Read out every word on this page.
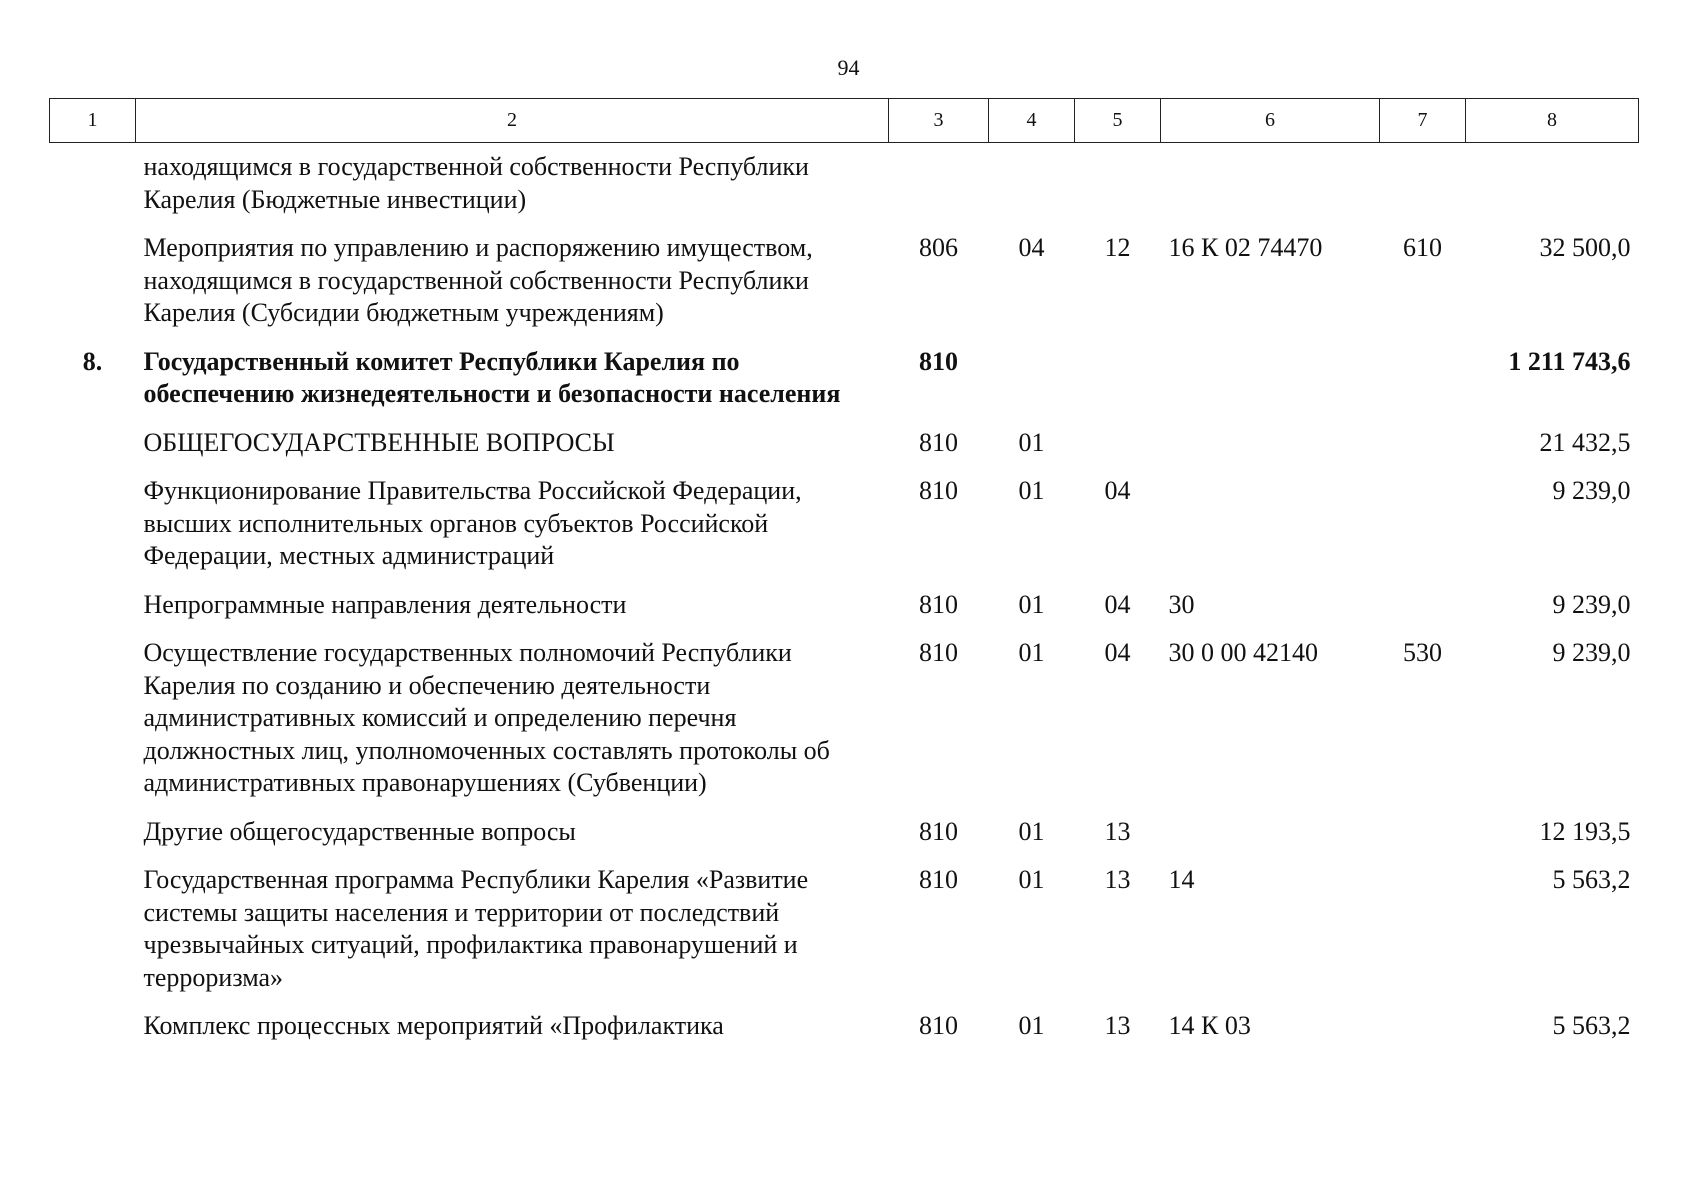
94
1	2	3	4	5	6	7	8
	находящимся в государственной собственности Республики Карелия (Бюджетные инвестиции)						
	Мероприятия по управлению и распоряжению имуществом, находящимся в государственной собственности Республики Карелия (Субсидии бюджетным учреждениям)	806	04	12	16 К 02 74470	610	32 500,0
8.	Государственный комитет Республики Карелия по обеспечению жизнедеятельности и безопасности населения	810					1 211 743,6
	ОБЩЕГОСУДАРСТВЕННЫЕ ВОПРОСЫ	810	01				21 432,5
	Функционирование Правительства Российской Федерации, высших исполнительных органов субъектов Российской Федерации, местных администраций	810	01	04			9 239,0
	Непрограммные направления деятельности	810	01	04	30		9 239,0
	Осуществление государственных полномочий Республики Карелия по созданию и обеспечению деятельности административных комиссий и определению перечня должностных лиц, уполномоченных составлять протоколы об административных правонарушениях (Субвенции)	810	01	04	30 0 00 42140	530	9 239,0
	Другие общегосударственные вопросы	810	01	13			12 193,5
	Государственная программа Республики Карелия «Развитие системы защиты населения и территории от последствий чрезвычайных ситуаций, профилактика правонарушений и терроризма»	810	01	13	14		5 563,2
	Комплекс процессных мероприятий «Профилактика	810	01	13	14 К 03		5 563,2
